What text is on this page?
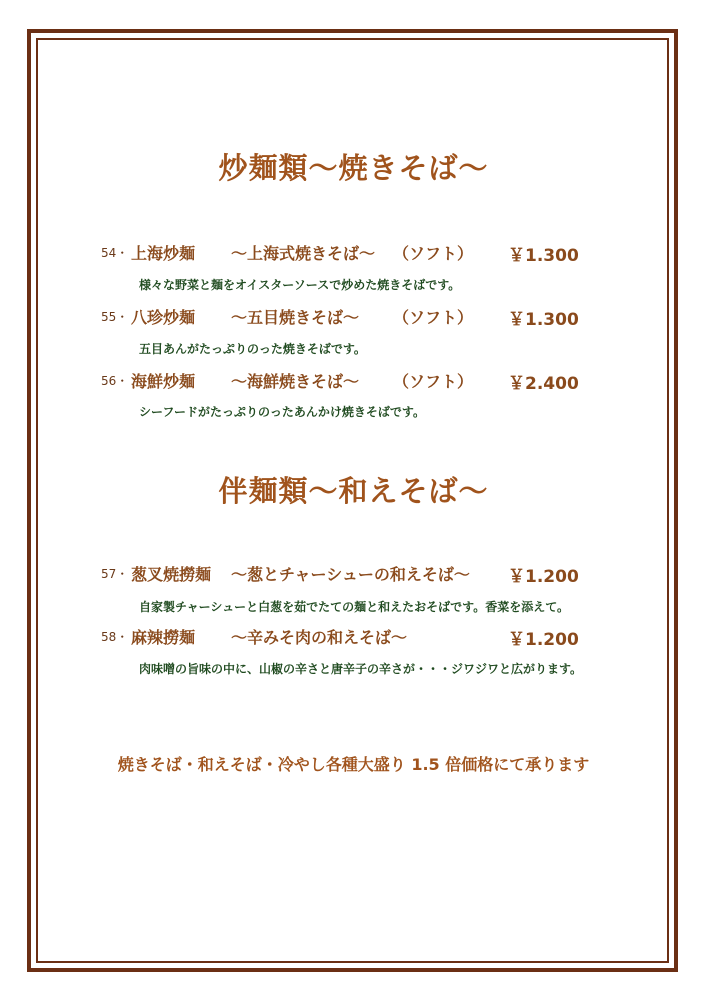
炒麺類～焼きそば～
54・ 上海炒麺 ～上海式焼きそば～ （ソフト） ￥1.300
様々な野菜と麺をオイスターソースで炒めた焼きそばです。
55・ 八珍炒麺 ～五目焼きそば～ （ソフト） ￥1.300
五目あんがたっぷりのった焼きそばです。
56・ 海鮮炒麺 ～海鮮焼きそば～ （ソフト） ￥2.400
シーフードがたっぷりのったあんかけ焼きそばです。
伴麺類～和えそば～
57・ 葱叉焼撈麺 ～葱とチャーシューの和えそば～ ￥1.200
自家製チャーシューと白葱を茹でたての麺と和えたおそばです。香菜を添えて。
58・ 麻辣撈麺 ～辛みそ肉の和えそば～	￥1.200
肉味噌の旨味の中に、山椒の辛さと唐辛子の辛さが・・・ジワジワと広がります。
焼きそば・和えそば・冷やし各種大盛り 1.5 倍価格にて承ります
